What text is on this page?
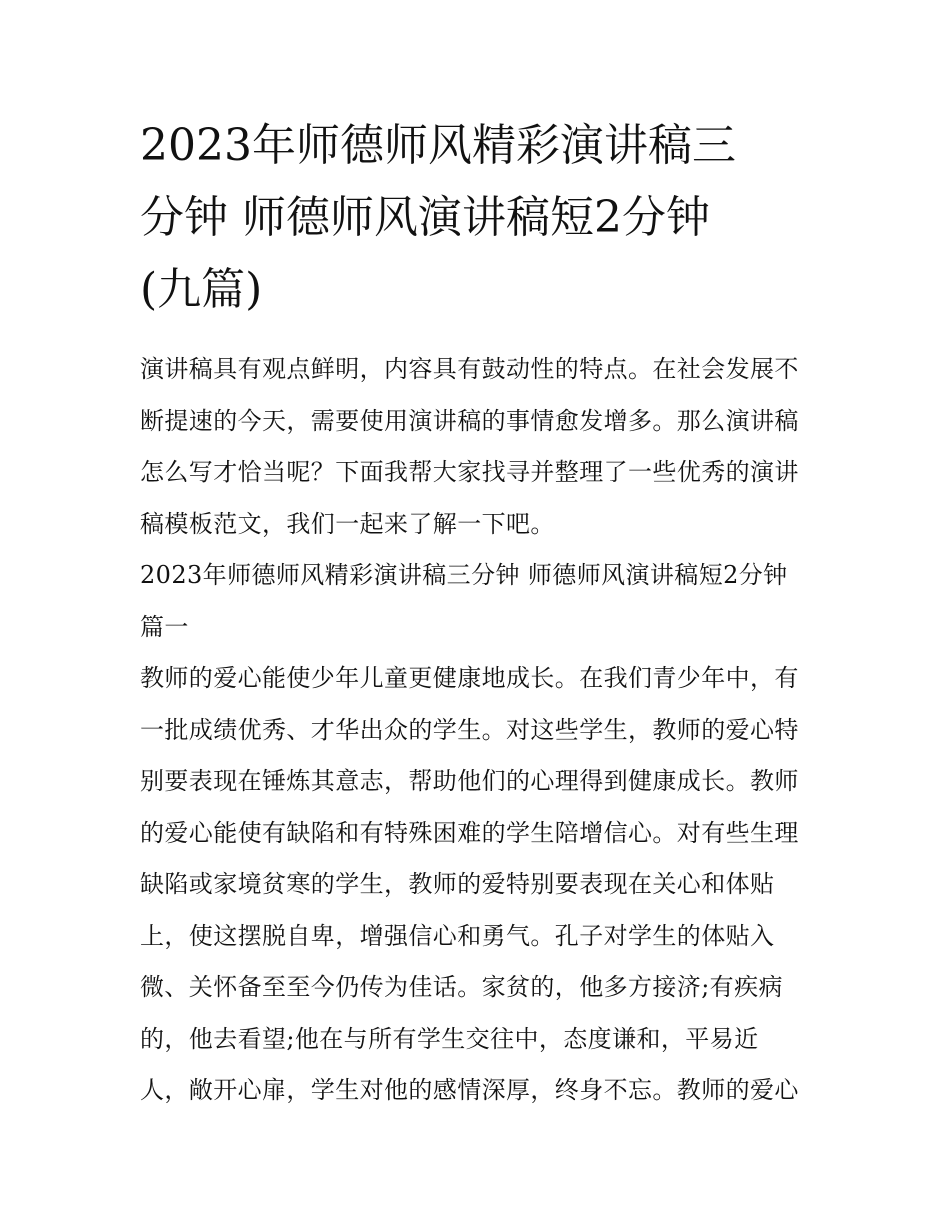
2023年师德师风精彩演讲稿三
分钟 师德师风演讲稿短2分钟
(九篇)
演讲稿具有观点鲜明，内容具有鼓动性的特点。在社会发展不
断提速的今天，需要使用演讲稿的事情愈发增多。那么演讲稿
怎么写才恰当呢？下面我帮大家找寻并整理了一些优秀的演讲
稿模板范文，我们一起来了解一下吧。
2023年师德师风精彩演讲稿三分钟 师德师风演讲稿短2分钟
篇一
教师的爱心能使少年儿童更健康地成长。在我们青少年中，有
一批成绩优秀、才华出众的学生。对这些学生，教师的爱心特
别要表现在锤炼其意志，帮助他们的心理得到健康成长。教师
的爱心能使有缺陷和有特殊困难的学生陪增信心。对有些生理
缺陷或家境贫寒的学生，教师的爱特别要表现在关心和体贴
上，使这摆脱自卑，增强信心和勇气。孔子对学生的体贴入
微、关怀备至至今仍传为佳话。家贫的，他多方接济;有疾病
的，他去看望;他在与所有学生交往中，态度谦和，平易近
人，敞开心扉，学生对他的感情深厚，终身不忘。教师的爱心
